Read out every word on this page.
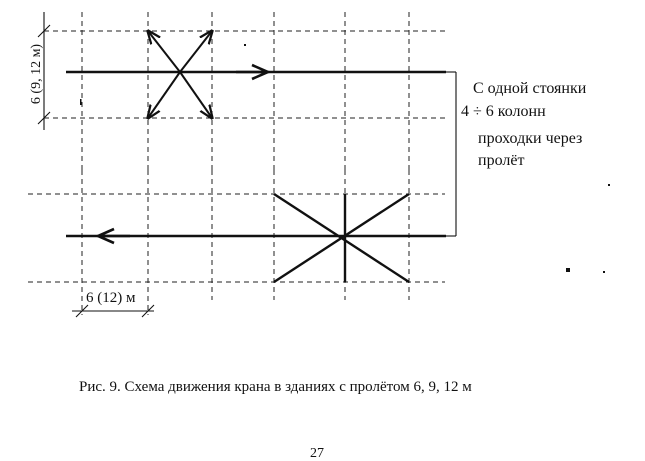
6 (9, 12 м)
6 (12) м
С одной стоянки
4 ÷ 6 колонн
проходки через
пролёт
Рис. 9. Схема движения крана в зданиях с пролётом 6, 9, 12 м
27
